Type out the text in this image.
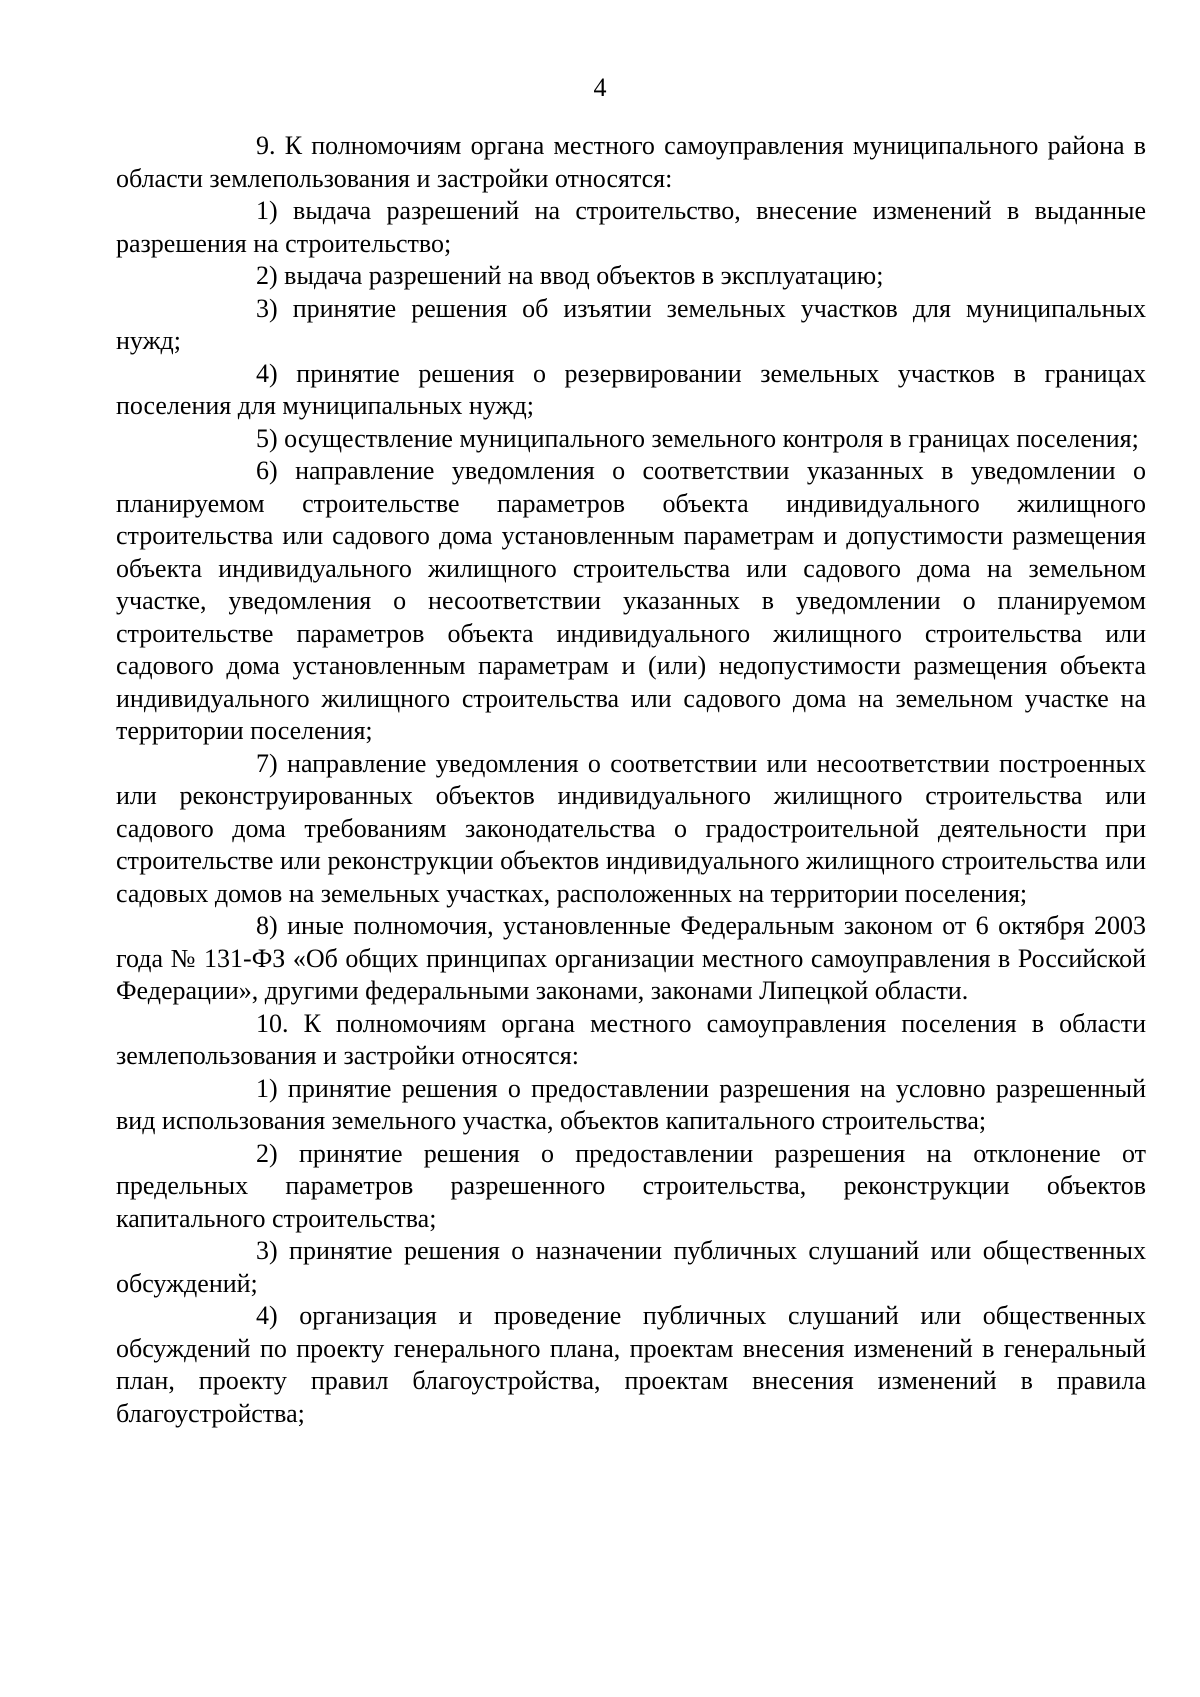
4

9. К полномочиям органа местного самоуправления муниципального района в области землепользования и застройки относятся:

1) выдача разрешений на строительство, внесение изменений в выданные разрешения на строительство;

2) выдача разрешений на ввод объектов в эксплуатацию;

3) принятие решения об изъятии земельных участков для муниципальных нужд;

4) принятие решения о резервировании земельных участков в границах поселения для муниципальных нужд;

5) осуществление муниципального земельного контроля в границах поселения;

6) направление уведомления о соответствии указанных в уведомлении о планируемом строительстве параметров объекта индивидуального жилищного строительства или садового дома установленным параметрам и допустимости размещения объекта индивидуального жилищного строительства или садового дома на земельном участке, уведомления о несоответствии указанных в уведомлении о планируемом строительстве параметров объекта индивидуального жилищного строительства или садового дома установленным параметрам и (или) недопустимости размещения объекта индивидуального жилищного строительства или садового дома на земельном участке на территории поселения;

7) направление уведомления о соответствии или несоответствии построенных или реконструированных объектов индивидуального жилищного строительства или садового дома требованиям законодательства о градостроительной деятельности при строительстве или реконструкции объектов индивидуального жилищного строительства или садовых домов на земельных участках, расположенных на территории поселения;

8) иные полномочия, установленные Федеральным законом от 6 октября 2003 года № 131-ФЗ «Об общих принципах организации местного самоуправления в Российской Федерации», другими федеральными законами, законами Липецкой области.

10. К полномочиям органа местного самоуправления поселения в области землепользования и застройки относятся:

1) принятие решения о предоставлении разрешения на условно разрешенный вид использования земельного участка, объектов капитального строительства;

2) принятие решения о предоставлении разрешения на отклонение от предельных параметров разрешенного строительства, реконструкции объектов капитального строительства;

3) принятие решения о назначении публичных слушаний или общественных обсуждений;

4) организация и проведение публичных слушаний или общественных обсуждений по проекту генерального плана, проектам внесения изменений в генеральный план, проекту правил благоустройства, проектам внесения изменений в правила благоустройства;
